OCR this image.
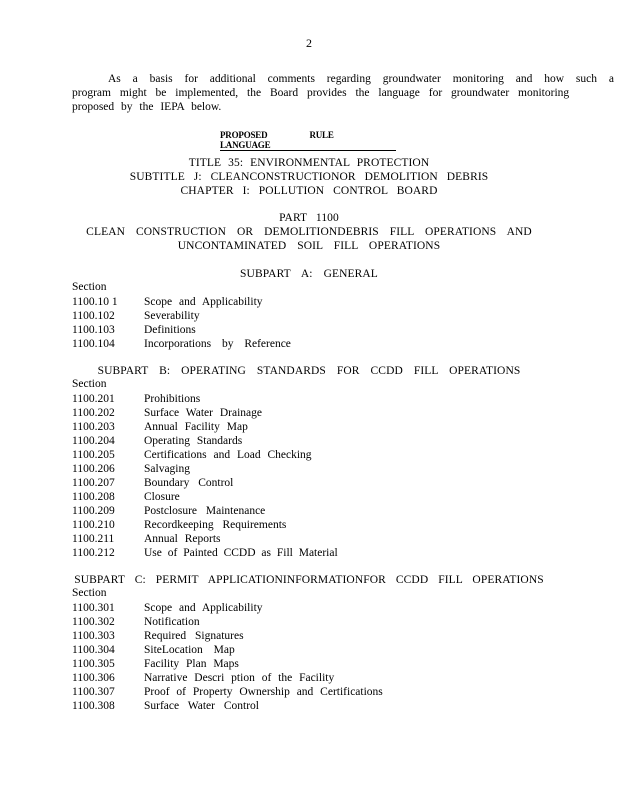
2
As a basis for additional comments regarding groundwater monitoring and how such a
program might be implemented, the Board provides the language for groundwater monitoring
proposed by the IEPA below.
PROPOSED RULE LANGUAGE
TITLE 35: ENVIRONMENTAL PROTECTION
SUBTITLE J: CLEANCONSTRUCTIONOR DEMOLITION DEBRIS
CHAPTER I: POLLUTION CONTROL BOARD
PART 1100
CLEAN CONSTRUCTION OR DEMOLITIONDEBRIS FILL OPERATIONS AND
UNCONTAMINATED SOIL FILL OPERATIONS
SUBPART A: GENERAL
Section
1100.10 1 Scope and Applicability
1100.102	Severability
1100.103	Definitions
1100.104	Incorporations by Reference
SUBPART B: OPERATING STANDARDS FOR CCDD FILL OPERATIONS
Section
1100.201	Prohibitions
1100.202	Surface Water Drainage
1100.203	Annual Facility Map
1100.204	Operating Standards
1100.205	Certifications and Load Checking
1100.206	Salvaging
1100.207	Boundary Control
1100.208	Closure
1100.209	Postclosure Maintenance
1100.210	Recordkeeping Requirements
1100.211	Annual Reports
1100.212	Use of Painted CCDD as Fill Material
SUBPART C: PERMIT APPLICATIONINFORMATIONFOR CCDD FILL OPERATIONS
Section
1100.301	Scope and Applicability
1100.302	Notification
1100.303	Required Signatures
1100.304	SiteLocation Map
1100.305	Facility Plan Maps
1100.306	Narrative Descri ption of the Facility
1100.307	Proof of Property Ownership and Certifications
1100.308	Surface Water Control
